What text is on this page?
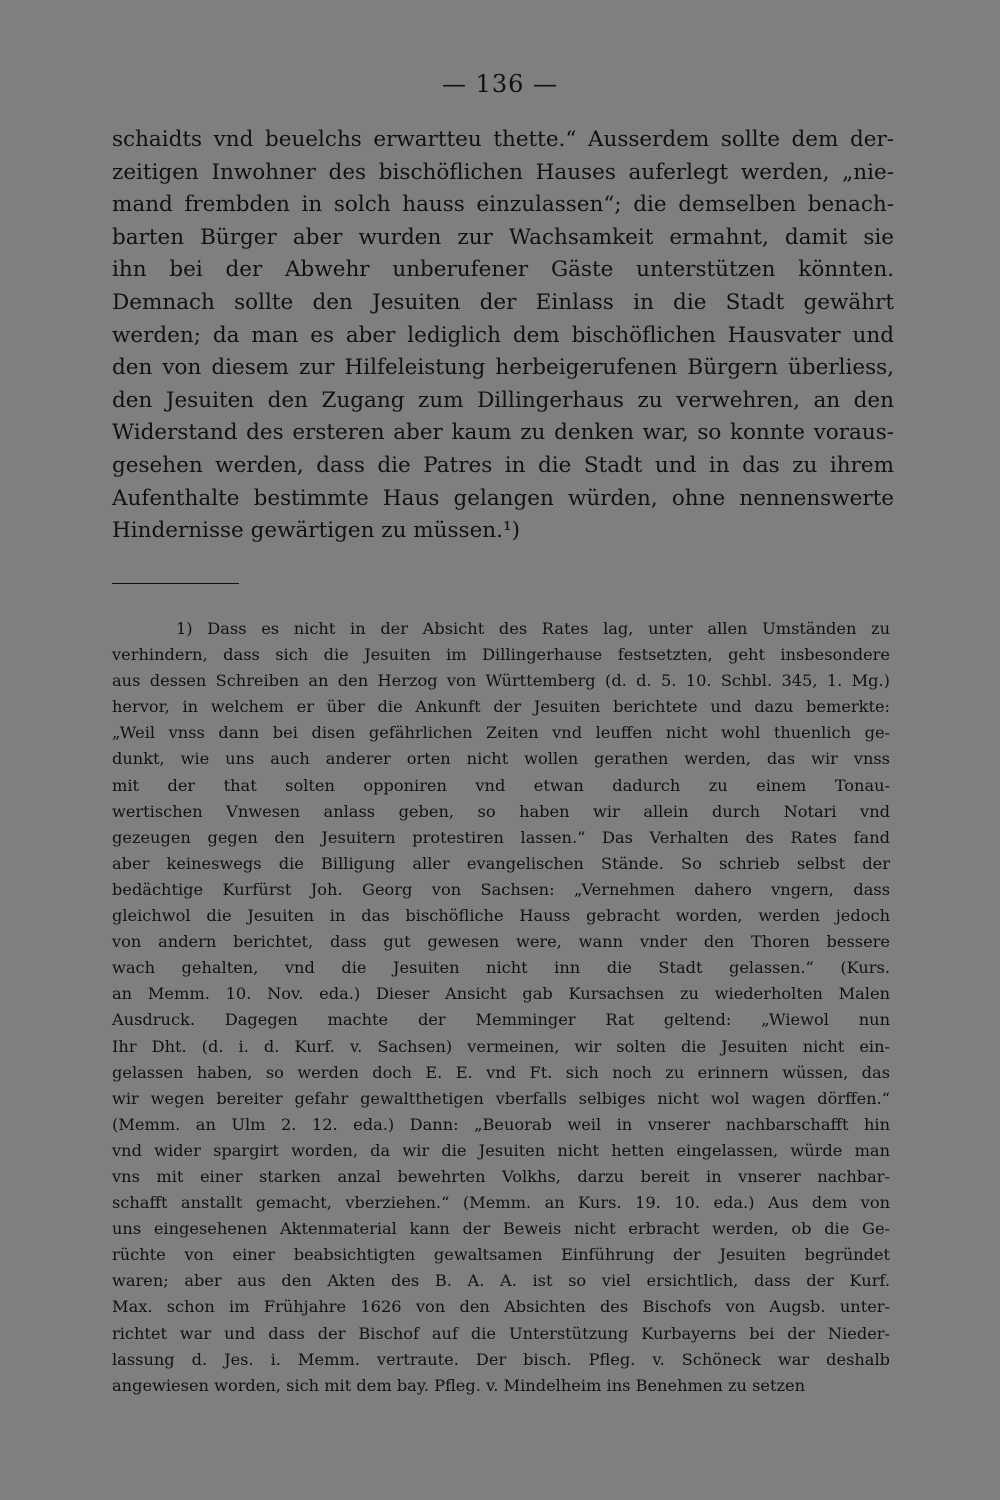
— 136 —
schaidts vnd beuelchs erwartteu thette.“ Ausserdem sollte dem der-
zeitigen Inwohner des bischöflichen Hauses auferlegt werden, „nie-
mand frembden in solch hauss einzulassen“; die demselben benach-
barten Bürger aber wurden zur Wachsamkeit ermahnt, damit sie
ihn bei der Abwehr unberufener Gäste unterstützen könnten.
Demnach sollte den Jesuiten der Einlass in die Stadt gewährt
werden; da man es aber lediglich dem bischöflichen Hausvater und
den von diesem zur Hilfeleistung herbeigerufenen Bürgern überliess,
den Jesuiten den Zugang zum Dillingerhaus zu verwehren, an den
Widerstand des ersteren aber kaum zu denken war, so konnte voraus-
gesehen werden, dass die Patres in die Stadt und in das zu ihrem
Aufenthalte bestimmte Haus gelangen würden, ohne nennenswerte
Hindernisse gewärtigen zu müssen.¹)
1) Dass es nicht in der Absicht des Rates lag, unter allen Umständen zu
verhindern, dass sich die Jesuiten im Dillingerhause festsetzten, geht insbesondere
aus dessen Schreiben an den Herzog von Württemberg (d. d. 5. 10. Schbl. 345, 1. Mg.)
hervor, in welchem er über die Ankunft der Jesuiten berichtete und dazu bemerkte:
„Weil vnss dann bei disen gefährlichen Zeiten vnd leuffen nicht wohl thuenlich ge-
dunkt, wie uns auch anderer orten nicht wollen gerathen werden, das wir vnss
mit der that solten opponiren vnd etwan dadurch zu einem Tonau-
wertischen Vnwesen anlass geben, so haben wir allein durch Notari vnd
gezeugen gegen den Jesuitern protestiren lassen.“ Das Verhalten des Rates fand
aber keineswegs die Billigung aller evangelischen Stände. So schrieb selbst der
bedächtige Kurfürst Joh. Georg von Sachsen: „Vernehmen dahero vngern, dass
gleichwol die Jesuiten in das bischöfliche Hauss gebracht worden, werden jedoch
von andern berichtet, dass gut gewesen were, wann vnder den Thoren bessere
wach gehalten, vnd die Jesuiten nicht inn die Stadt gelassen.“ (Kurs.
an Memm. 10. Nov. eda.) Dieser Ansicht gab Kursachsen zu wiederholten Malen
Ausdruck. Dagegen machte der Memminger Rat geltend: „Wiewol nun
Ihr Dht. (d. i. d. Kurf. v. Sachsen) vermeinen, wir solten die Jesuiten nicht ein-
gelassen haben, so werden doch E. E. vnd Ft. sich noch zu erinnern wüssen, das
wir wegen bereiter gefahr gewaltthetigen vberfalls selbiges nicht wol wagen dörffen.“
(Memm. an Ulm 2. 12. eda.) Dann: „Beuorab weil in vnserer nachbarschafft hin
vnd wider spargirt worden, da wir die Jesuiten nicht hetten eingelassen, würde man
vns mit einer starken anzal bewehrten Volkhs, darzu bereit in vnserer nachbar-
schafft anstallt gemacht, vberziehen.“ (Memm. an Kurs. 19. 10. eda.) Aus dem von
uns eingesehenen Aktenmaterial kann der Beweis nicht erbracht werden, ob die Ge-
rüchte von einer beabsichtigten gewaltsamen Einführung der Jesuiten begründet
waren; aber aus den Akten des B. A. A. ist so viel ersichtlich, dass der Kurf.
Max. schon im Frühjahre 1626 von den Absichten des Bischofs von Augsb. unter-
richtet war und dass der Bischof auf die Unterstützung Kurbayerns bei der Nieder-
lassung d. Jes. i. Memm. vertraute. Der bisch. Pfleg. v. Schöneck war deshalb
angewiesen worden, sich mit dem bay. Pfleg. v. Mindelheim ins Benehmen zu setzen
